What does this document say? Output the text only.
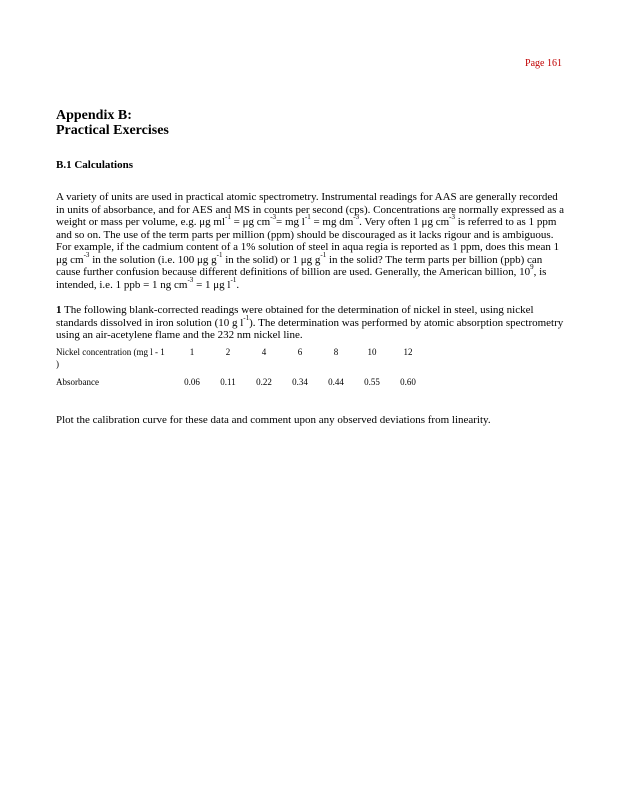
Page 161
Appendix B:
Practical Exercises
B.1 Calculations

A variety of units are used in practical atomic spectrometry. Instrumental readings for AAS are generally recorded in units of absorbance, and for AES and MS in counts per second (cps). Concentrations are normally expressed as a weight or mass per volume, e.g. μg $ml^{-1} = \mu g$ $cm^{-3}=$ mg $l^{-1}$ = mg $dm^{-3}$. Very often 1 μg $cm^{-3}$ is referred to as 1 ppm and so on. The use of the term parts per million (ppm) should be discouraged as it lacks rigour and is ambiguous. For example, if the cadmium content of a 1% solution of steel in aqua regia is reported as 1 ppm, does this mean 1 μg $cm^{-3}$ in the solution (i.e. 100 μg $g^{-1}$ in the solid) or 1 μg $g^{-1}$ in the solid? The term parts per billion (ppb) can cause further confusion because different definitions of billion are used. Generally, the American billion, $10^9$, is intended, i.e. 1 ppb = 1 ng $cm^{-3} = 1$ μg $l^{-1}$.

1 The following blank-corrected readings were obtained for the determination of nickel in steel, using nickel standards dissolved in iron solution (10 g $l^{-1}$). The determination was performed by atomic absorption spectrometry using an air-acetylene flame and the 232 nm nickel line.

Nickel concentration (mg l - 1
)	1	2	4	6	8	10	12

Absorbance	0.06	0.11	0.22	0.34	0.44	0.55	0.60

Plot the calibration curve for these data and comment upon any observed deviations from linearity.
